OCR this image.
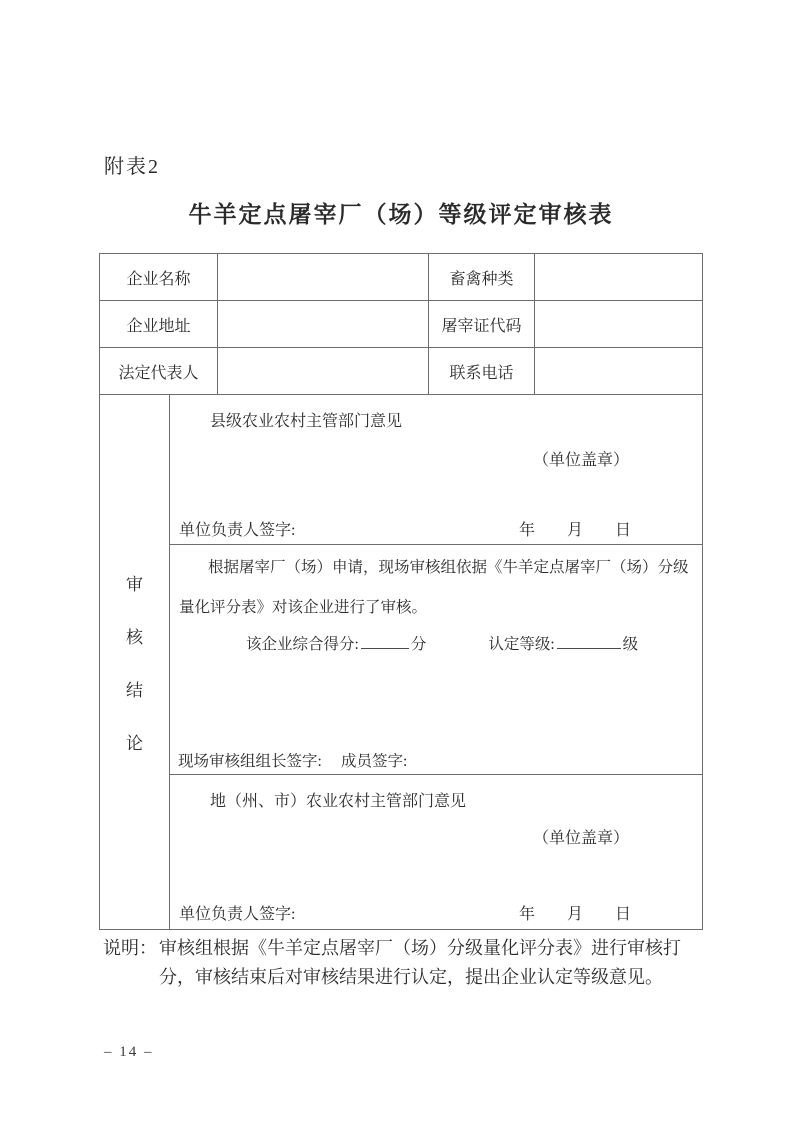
附表2
牛羊定点屠宰厂（场）等级评定审核表
企业名称	畜禽种类
企业地址	屠宰证代码
法定代表人	联系电话
审
核
结
论
县级农业农村主管部门意见
（单位盖章）
单位负责人签字:	年　　月　　日
根据屠宰厂（场）申请，现场审核组依据《牛羊定点屠宰厂（场）分级
量化评分表》对该企业进行了审核。
该企业综合得分:	分	认定等级:	级
现场审核组组长签字: 成员签字:
地（州、市）农业农村主管部门意见
（单位盖章）
单位负责人签字:	年　　月　　日
说明： 审核组根据《牛羊定点屠宰厂（场）分级量化评分表》进行审核打
分，审核结束后对审核结果进行认定，提出企业认定等级意见。
– 14 –
